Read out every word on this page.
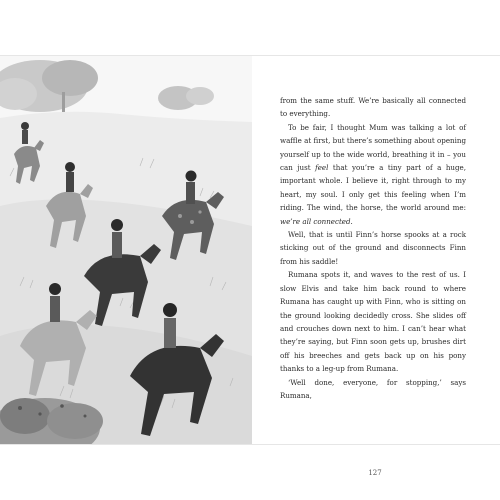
from the same stuff. We’re basically all connected to everything.

To be fair, I thought Mum was talking a lot of waffle at first, but there’s something about opening yourself up to the wide world, breathing it in – you can just feel that you’re a tiny part of a huge, important whole. I believe it, right through to my heart, my soul. I only get this feeling when I’m riding. The wind, the horse, the world around me: we’re all connected.

Well, that is until Finn’s horse spooks at a rock sticking out of the ground and disconnects Finn from his saddle!

Rumana spots it, and waves to the rest of us. I slow Elvis and take him back round to where Rumana has caught up with Finn, who is sitting on the ground looking decidedly cross. She slides off and crouches down next to him. I can’t hear what they’re saying, but Finn soon gets up, brushes dirt off his breeches and gets back up on his pony thanks to a leg-up from Rumana.

‘Well done, everyone, for stopping,’ says Rumana,

127
